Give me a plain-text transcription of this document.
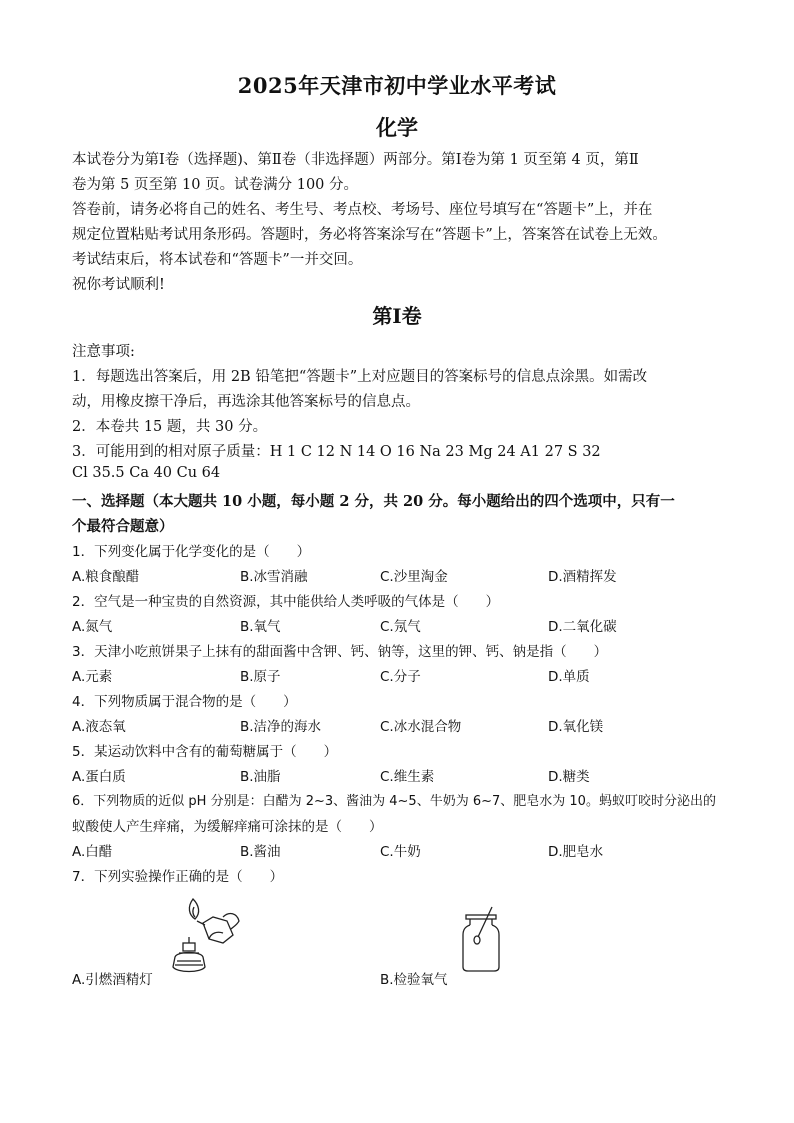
2025年天津市初中学业水平考试
化学
本试卷分为第Ⅰ卷（选择题)、第Ⅱ卷（非选择题）两部分。第Ⅰ卷为第 1 页至第 4 页，第Ⅱ
卷为第 5 页至第 10 页。试卷满分 100 分。
答卷前，请务必将自己的姓名、考生号、考点校、考场号、座位号填写在“答题卡”上，并在
规定位置粘贴考试用条形码。答题时，务必将答案涂写在“答题卡”上，答案答在试卷上无效。
考试结束后，将本试卷和“答题卡”一并交回。
祝你考试顺利!
第Ⅰ卷
注意事项:
1．每题选出答案后，用 2B 铅笔把“答题卡”上对应题目的答案标号的信息点涂黑。如需改
动，用橡皮擦干净后，再选涂其他答案标号的信息点。
2．本卷共 15 题，共 30 分。
3．可能用到的相对原子质量：H 1 C 12 N 14 O 16 Na 23 Mg 24 A1 27 S 32
Cl 35.5 Ca 40 Cu 64
一、选择题（本大题共 10 小题，每小题 2 分，共 20 分。每小题给出的四个选项中，只有一
个最符合题意）
1．下列变化属于化学变化的是（　　）
A.粮食酿醋	B.冰雪消融	C.沙里淘金	D.酒精挥发
2．空气是一种宝贵的自然资源，其中能供给人类呼吸的气体是（　　）
A.氮气	B.氧气	C.氖气	D.二氧化碳
3．天津小吃煎饼果子上抹有的甜面酱中含钾、钙、钠等，这里的钾、钙、钠是指（　　）
A.元素	B.原子	C.分子	D.单质
4．下列物质属于混合物的是（　　）
A.液态氧	B.洁净的海水	C.冰水混合物	D.氧化镁
5．某运动饮料中含有的葡萄糖属于（　　）
A.蛋白质	B.油脂	C.维生素	D.糖类
6．下列物质的近似 pH 分别是：白醋为 2~3、酱油为 4~5、牛奶为 6~7、肥皂水为 10。蚂蚁叮咬时分泌出的
蚁酸使人产生痒痛，为缓解痒痛可涂抹的是（　　）
A.白醋	B.酱油	C.牛奶	D.肥皂水
7．下列实验操作正确的是（　　）
A.引燃酒精灯	B.检验氧气
